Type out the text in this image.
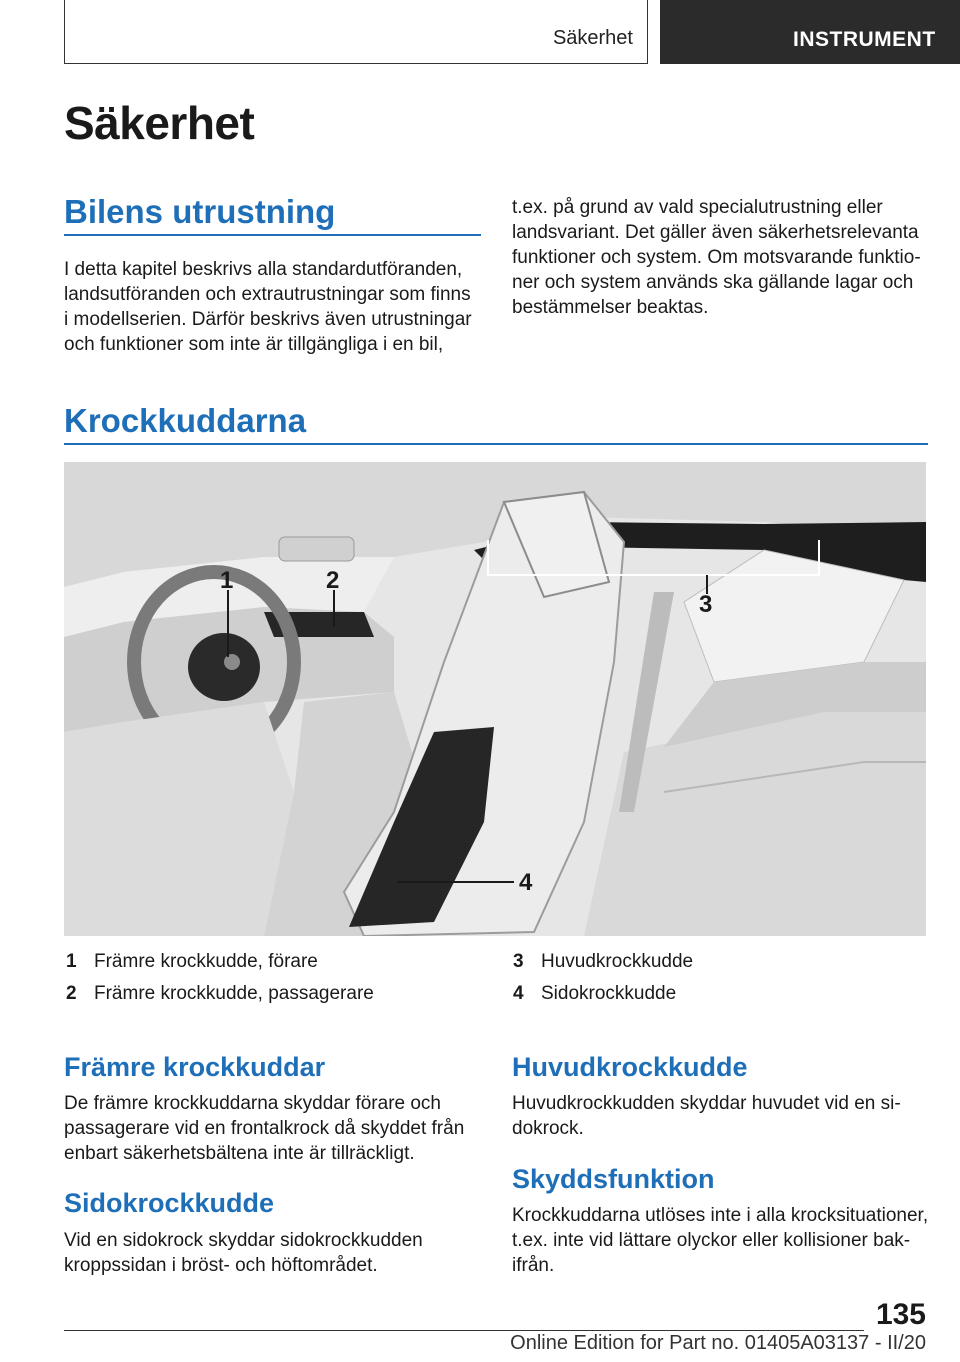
Säkerhet	INSTRUMENT
Säkerhet
Bilens utrustning

I detta kapitel beskrivs alla standardutföranden,

landsutföranden och extrautrustningar som finns

i modellserien. Därför beskrivs även utrustningar

och funktioner som inte är tillgängliga i en bil,

t.ex. på grund av vald specialutrustning eller

landsvariant. Det gäller även säkerhetsrelevanta

funktioner och system. Om motsvarande funktio-

ner och system används ska gällande lagar och

bestämmelser beaktas.

Krockkuddarna
1	2
3
4
1 Främre krockkudde, förare
2 Främre krockkudde, passagerare
3 Huvudkrockkudde
4 Sidokrockkudde
Främre krockkuddar

De främre krockkuddarna skyddar förare och

passagerare vid en frontalkrock då skyddet från

enbart säkerhetsbältena inte är tillräckligt.

Sidokrockkudde

Vid en sidokrock skyddar sidokrockkudden

kroppssidan i bröst- och höftområdet.

Huvudkrockkudde

Huvudkrockkudden skyddar huvudet vid en si-

dokrock.

Skyddsfunktion

Krockkuddarna utlöses inte i alla krocksituationer,

t.ex. inte vid lättare olyckor eller kollisioner bak-

ifrån.

135
Online Edition for Part no. 01405A03137 - II/20
